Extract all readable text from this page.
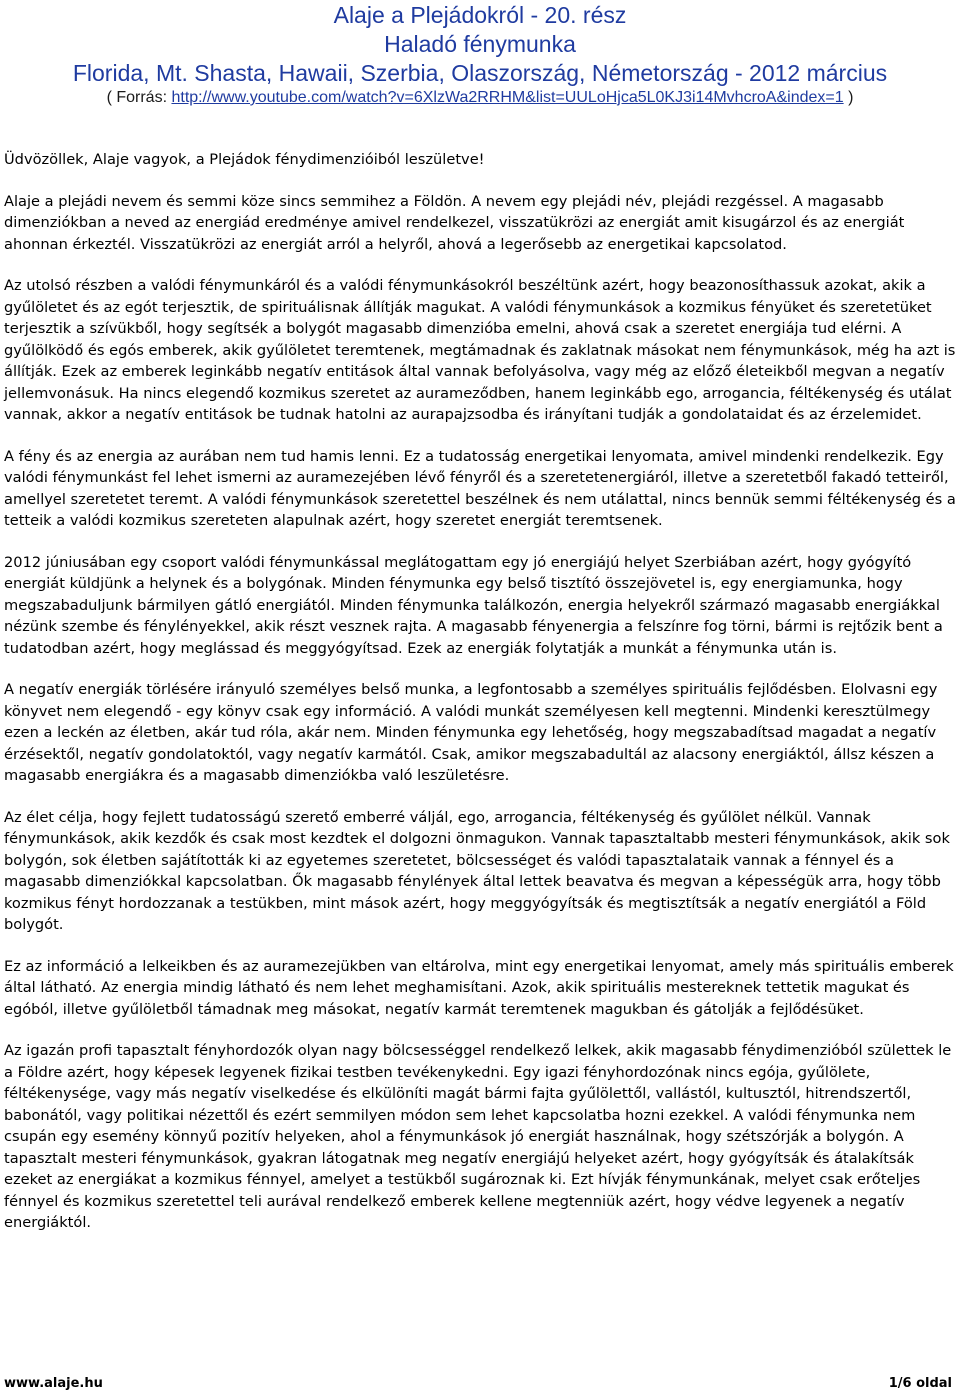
Alaje a Plejádokról - 20. rész
Haladó fénymunka
Florida, Mt. Shasta, Hawaii, Szerbia, Olaszország, Németország - 2012 március
( Forrás: http://www.youtube.com/watch?v=6XlzWa2RRHM&list=UULoHjca5L0KJ3i14MvhcroA&index=1 )

Üdvözöllek, Alaje vagyok, a Plejádok fénydimenzióiból leszületve!

Alaje a plejádi nevem és semmi köze sincs semmihez a Földön. A nevem egy plejádi név, plejádi rezgéssel. A magasabb dimenziókban a neved az energiád eredménye amivel rendelkezel, visszatükrözi az energiát amit kisugárzol és az energiát ahonnan érkeztél. Visszatükrözi az energiát arról a helyről, ahová a legerősebb az energetikai kapcsolatod.

Az utolsó részben a valódi fénymunkáról és a valódi fénymunkásokról beszéltünk azért, hogy beazonosíthassuk azokat, akik a gyűlöletet és az egót terjesztik, de spirituálisnak állítják magukat. A valódi fénymunkások a kozmikus fényüket és szeretetüket terjesztik a szívükből, hogy segítsék a bolygót magasabb dimenzióba emelni, ahová csak a szeretet energiája tud elérni. A gyűlölködő és egós emberek, akik gyűlöletet teremtenek, megtámadnak és zaklatnak másokat nem fénymunkások, még ha azt is állítják. Ezek az emberek leginkább negatív entitások által vannak befolyásolva, vagy még az előző életeikből megvan a negatív jellemvonásuk. Ha nincs elegendő kozmikus szeretet az aurameződben, hanem leginkább ego, arrogancia, féltékenység és utálat vannak, akkor a negatív entitások be tudnak hatolni az aurapajzsodba és irányítani tudják a gondolataidat és az érzelemidet.

A fény és az energia az aurában nem tud hamis lenni. Ez a tudatosság energetikai lenyomata, amivel mindenki rendelkezik. Egy valódi fénymunkást fel lehet ismerni az auramezejében lévő fényről és a szeretetenergiáról, illetve a szeretetből fakadó tetteiről, amellyel szeretetet teremt. A valódi fénymunkások szeretettel beszélnek és nem utálattal, nincs bennük semmi féltékenység és a tetteik a valódi kozmikus szereteten alapulnak azért, hogy szeretet energiát teremtsenek.

2012 júniusában egy csoport valódi fénymunkással meglátogattam egy jó energiájú helyet Szerbiában azért, hogy gyógyító energiát küldjünk a helynek és a bolygónak. Minden fénymunka egy belső tisztító összejövetel is, egy energiamunka, hogy megszabaduljunk bármilyen gátló energiától. Minden fénymunka találkozón, energia helyekről származó magasabb energiákkal nézünk szembe és fénylényekkel, akik részt vesznek rajta. A magasabb fényenergia a felszínre fog törni, bármi is rejtőzik bent a tudatodban azért, hogy meglássad és meggyógyítsad. Ezek az energiák folytatják a munkát a fénymunka után is.

A negatív energiák törlésére irányuló személyes belső munka, a legfontosabb a személyes spirituális fejlődésben. Elolvasni egy könyvet nem elegendő - egy könyv csak egy információ. A valódi munkát személyesen kell megtenni. Mindenki keresztülmegy ezen a leckén az életben, akár tud róla, akár nem. Minden fénymunka egy lehetőség, hogy megszabadítsad magadat a negatív érzésektől, negatív gondolatoktól, vagy negatív karmától. Csak, amikor megszabadultál az alacsony energiáktól, állsz készen a magasabb energiákra és a magasabb dimenziókba való leszületésre.

Az élet célja, hogy fejlett tudatosságú szerető emberré váljál, ego, arrogancia, féltékenység és gyűlölet nélkül. Vannak fénymunkások, akik kezdők és csak most kezdtek el dolgozni önmagukon. Vannak tapasztaltabb mesteri fénymunkások, akik sok bolygón, sok életben sajátították ki az egyetemes szeretetet, bölcsességet és valódi tapasztalataik vannak a fénnyel és a magasabb dimenziókkal kapcsolatban. Ők magasabb fénylények által lettek beavatva és megvan a képességük arra, hogy több kozmikus fényt hordozzanak a testükben, mint mások azért, hogy meggyógyítsák és megtisztítsák a negatív energiától a Föld bolygót.

Ez az információ a lelkeikben és az auramezejükben van eltárolva, mint egy energetikai lenyomat, amely más spirituális emberek által látható. Az energia mindig látható és nem lehet meghamisítani. Azok, akik spirituális mestereknek tettetik magukat és egóból, illetve gyűlöletből támadnak meg másokat, negatív karmát teremtenek magukban és gátolják a fejlődésüket.

Az igazán profi tapasztalt fényhordozók olyan nagy bölcsességgel rendelkező lelkek, akik magasabb fénydimenzióból születtek le a Földre azért, hogy képesek legyenek fizikai testben tevékenykedni. Egy igazi fényhordozónak nincs egója, gyűlölete, féltékenysége, vagy más negatív viselkedése és elkülöníti magát bármi fajta gyűlölettől, vallástól, kultusztól, hitrendszertől, babonától, vagy politikai nézettől és ezért semmilyen módon sem lehet kapcsolatba hozni ezekkel. A valódi fénymunka nem csupán egy esemény könnyű pozitív helyeken, ahol a fénymunkások jó energiát használnak, hogy szétszórják a bolygón. A tapasztalt mesteri fénymunkások, gyakran látogatnak meg negatív energiájú helyeket azért, hogy gyógyítsák és átalakítsák ezeket az energiákat a kozmikus fénnyel, amelyet a testükből sugároznak ki. Ezt hívják fénymunkának, melyet csak erőteljes fénnyel és kozmikus szeretettel teli aurával rendelkező emberek kellene megtenniük azért, hogy védve legyenek a negatív energiáktól.

www.alaje.hu	1/6 oldal
